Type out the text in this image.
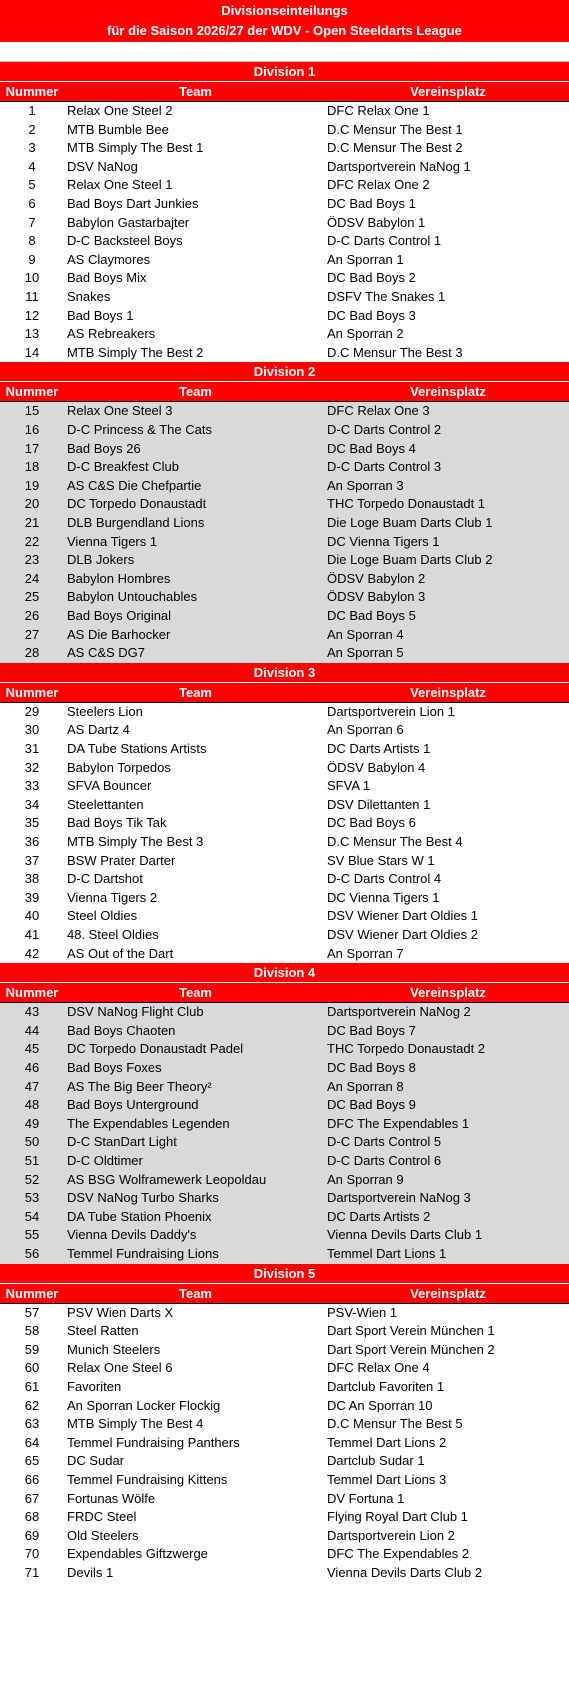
Divisionseinteilungs
für die Saison 2026/27 der WDV - Open Steeldarts League
Division 1
Nummer	Team	Vereinsplatz
1	Relax One Steel 2	DFC Relax One 1
2	MTB Bumble Bee	D.C Mensur The Best 1
3	MTB Simply The Best 1	D.C Mensur The Best 2
4	DSV NaNog	Dartsportverein NaNog 1
5	Relax One Steel 1	DFC Relax One 2
6	Bad Boys Dart Junkies	DC Bad Boys 1
7	Babylon Gastarbajter	ÖDSV Babylon 1
8	D-C Backsteel Boys	D-C Darts Control 1
9	AS Claymores	An Sporran 1
10	Bad Boys Mix	DC Bad Boys 2
11	Snakes	DSFV The Snakes 1
12	Bad Boys 1	DC Bad Boys 3
13	AS Rebreakers	An Sporran 2
14	MTB Simply The Best 2	D.C Mensur The Best 3
Division 2
Nummer	Team	Vereinsplatz
15	Relax One Steel 3	DFC Relax One 3
16	D-C Princess & The Cats	D-C Darts Control 2
17	Bad Boys 26	DC Bad Boys 4
18	D-C Breakfest Club	D-C Darts Control 3
19	AS C&S Die Chefpartie	An Sporran 3
20	DC Torpedo Donaustadt	THC Torpedo Donaustadt 1
21	DLB Burgendland Lions	Die Loge Buam Darts Club 1
22	Vienna Tigers 1	DC Vienna Tigers 1
23	DLB Jokers	Die Loge Buam Darts Club 2
24	Babylon Hombres	ÖDSV Babylon 2
25	Babylon Untouchables	ÖDSV Babylon 3
26	Bad Boys Original	DC Bad Boys 5
27	AS Die Barhocker	An Sporran 4
28	AS C&S DG7	An Sporran 5
Division 3
Nummer	Team	Vereinsplatz
29	Steelers Lion	Dartsportverein Lion 1
30	AS Dartz 4	An Sporran 6
31	DA Tube Stations Artists	DC Darts Artists 1
32	Babylon Torpedos	ÖDSV Babylon 4
33	SFVA Bouncer	SFVA 1
34	Steelettanten	DSV Dilettanten 1
35	Bad Boys Tik Tak	DC Bad Boys 6
36	MTB Simply The Best 3	D.C Mensur The Best 4
37	BSW Prater Darter	SV Blue Stars W 1
38	D-C Dartshot	D-C Darts Control 4
39	Vienna Tigers 2	DC Vienna Tigers 1
40	Steel Oldies	DSV Wiener Dart Oldies 1
41	48. Steel Oldies	DSV Wiener Dart Oldies 2
42	AS Out of the Dart	An Sporran 7
Division 4
Nummer	Team	Vereinsplatz
43	DSV NaNog Flight Club	Dartsportverein NaNog 2
44	Bad Boys Chaoten	DC Bad Boys 7
45	DC Torpedo Donaustadt Padel	THC Torpedo Donaustadt 2
46	Bad Boys Foxes	DC Bad Boys 8
47	AS The Big Beer Theory²	An Sporran 8
48	Bad Boys Unterground	DC Bad Boys 9
49	The Expendables Legenden	DFC The Expendables 1
50	D-C StanDart Light	D-C Darts Control 5
51	D-C Oldtimer	D-C Darts Control 6
52	AS BSG Wolframewerk Leopoldau	An Sporran 9
53	DSV NaNog Turbo Sharks	Dartsportverein NaNog 3
54	DA Tube Station Phoenix	DC Darts Artists 2
55	Vienna Devils Daddy's	Vienna Devils Darts Club 1
56	Temmel Fundraising Lions	Temmel Dart Lions 1
Division 5
Nummer	Team	Vereinsplatz
57	PSV Wien Darts X	PSV-Wien 1
58	Steel Ratten	Dart Sport Verein München 1
59	Munich Steelers	Dart Sport Verein München 2
60	Relax One Steel 6	DFC Relax One 4
61	Favoriten	Dartclub Favoriten 1
62	An Sporran Locker Flockig	DC An Sporran 10
63	MTB Simply The Best 4	D.C Mensur The Best 5
64	Temmel Fundraising Panthers	Temmel Dart Lions 2
65	DC Sudar	Dartclub Sudar 1
66	Temmel Fundraising Kittens	Temmel Dart Lions 3
67	Fortunas Wölfe	DV Fortuna 1
68	FRDC Steel	Flying Royal Dart Club 1
69	Old Steelers	Dartsportverein Lion 2
70	Expendables Giftzwerge	DFC The Expendables 2
71	Devils 1	Vienna Devils Darts Club 2
